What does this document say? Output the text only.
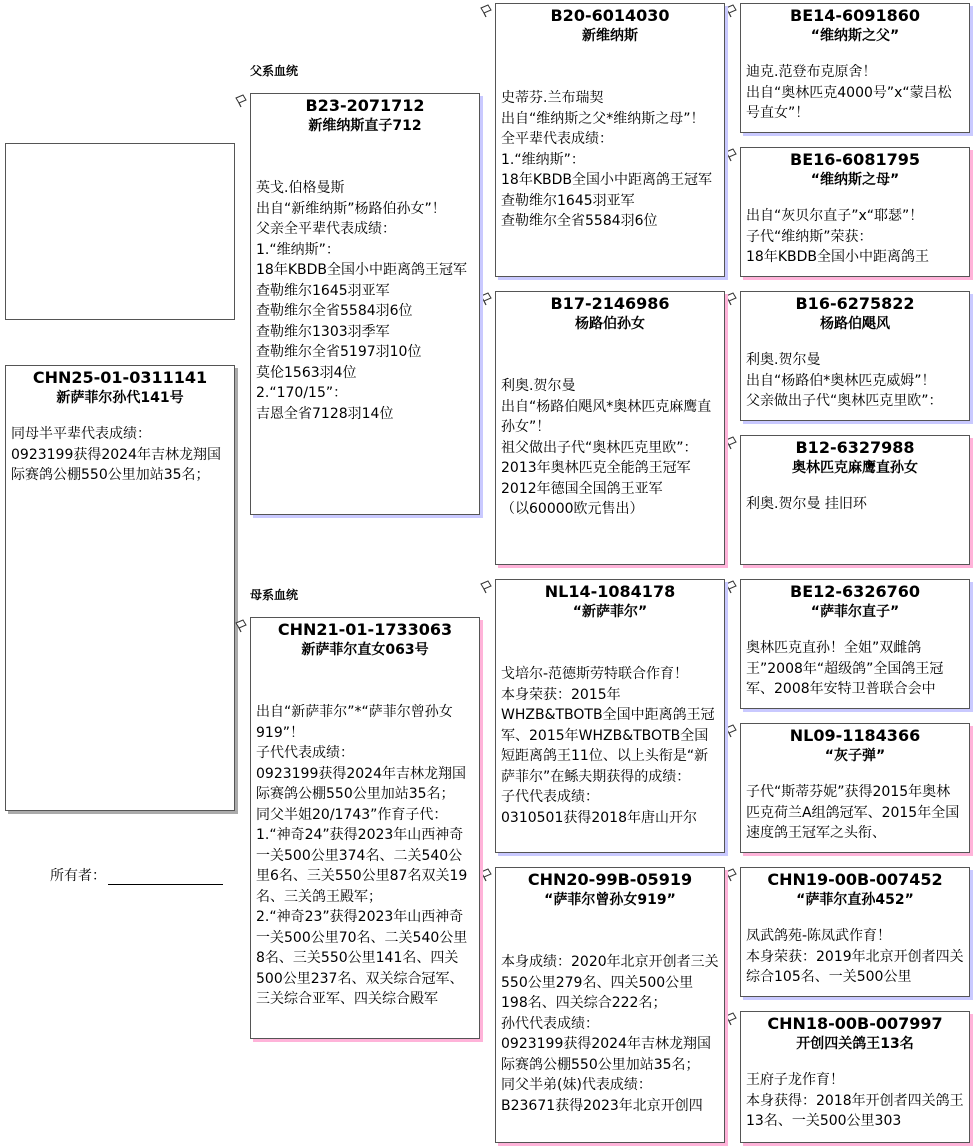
父系血统
母系血统
CHN25-01-0311141
新萨菲尔孙代141号
同母半平辈代表成绩：
0923199获得2024年吉林龙翔国际赛鸽公棚550公里加站35名；
所有者：
B23-2071712
新维纳斯直子712
英戈.伯格曼斯
出自“新维纳斯”杨路伯孙女”！
父亲全平辈代表成绩：
1.“维纳斯”：
18年KBDB全国小中距离鸽王冠军
查勒维尔1645羽亚军
查勒维尔全省5584羽6位
查勒维尔1303羽季军
查勒维尔全省5197羽10位
莫伦1563羽4位
2.“170/15”：
吉恩全省7128羽14位
CHN21-01-1733063
新萨菲尔直女063号
出自“新萨菲尔”*“萨菲尔曾孙女919”！
子代代表成绩：
0923199获得2024年吉林龙翔国际赛鸽公棚550公里加站35名；
同父半姐20/1743”作育子代：
1.“神奇24”获得2023年山西神奇一关500公里374名、二关540公里6名、三关550公里87名双关19名、三关鸽王殿军；
2.“神奇23”获得2023年山西神奇一关500公里70名、二关540公里8名、三关550公里141名、四关500公里237名、双关综合冠军、三关综合亚军、四关综合殿军
B20-6014030
新维纳斯
史蒂芬.兰布瑞契
出自“维纳斯之父*维纳斯之母”！
全平辈代表成绩：
1.“维纳斯”：
18年KBDB全国小中距离鸽王冠军
查勒维尔1645羽亚军
查勒维尔全省5584羽6位
B17-2146986
杨路伯孙女
利奥.贺尔曼
出自“杨路伯飓风*奥林匹克麻鹰直孙女”！
祖父做出子代“奥林匹克里欧”：
2013年奥林匹克全能鸽王冠军
2012年德国全国鸽王亚军
（以60000欧元售出）
NL14-1084178
“新萨菲尔”
戈培尔-范德斯劳特联合作育！
本身荣获：2015年WHZB&TBOTB全国中距离鸽王冠军、2015年WHZB&TBOTB全国短距离鸽王11位、以上头衔是“新萨菲尔”在鲧夫期获得的成绩：
子代代表成绩：
0310501获得2018年唐山开尔
CHN20-99B-05919
“萨菲尔曾孙女919”
本身成绩：2020年北京开创者三关550公里279名、四关500公里198名、四关综合222名；
孙代代表成绩：
0923199获得2024年吉林龙翔国际赛鸽公棚550公里加站35名；
同父半弟(妹)代表成绩：
B23671获得2023年北京开创四
BE14-6091860
“维纳斯之父”
迪克.范登布克原舍！
出自“奥林匹克4000号”x“蒙吕松号直女”！
BE16-6081795
“维纳斯之母”
出自“灰贝尔直子”x“耶瑟”！
子代“维纳斯”荣获：
18年KBDB全国小中距离鸽王
B16-6275822
杨路伯飓风
利奥.贺尔曼
出自“杨路伯*奥林匹克威姆”！
父亲做出子代“奥林匹克里欧”：
B12-6327988
奥林匹克麻鹰直孙女
利奥.贺尔曼 挂旧环
BE12-6326760
“萨菲尔直子”
奥林匹克直孙！全姐”双雌鸽王”2008年“超级鸽”全国鸽王冠军、2008年安特卫普联合会中
NL09-1184366
“灰子弹”
子代“斯蒂芬妮”获得2015年奥林匹克荷兰A组鸽冠军、2015年全国速度鸽王冠军之头衔、
CHN19-00B-007452
“萨菲尔直孙452”
凤武鸽苑-陈凤武作育！
本身荣获：2019年北京开创者四关综合105名、一关500公里
CHN18-00B-007997
开创四关鸽王13名
王府子龙作育！
本身获得：2018年开创者四关鸽王13名、一关500公里303
